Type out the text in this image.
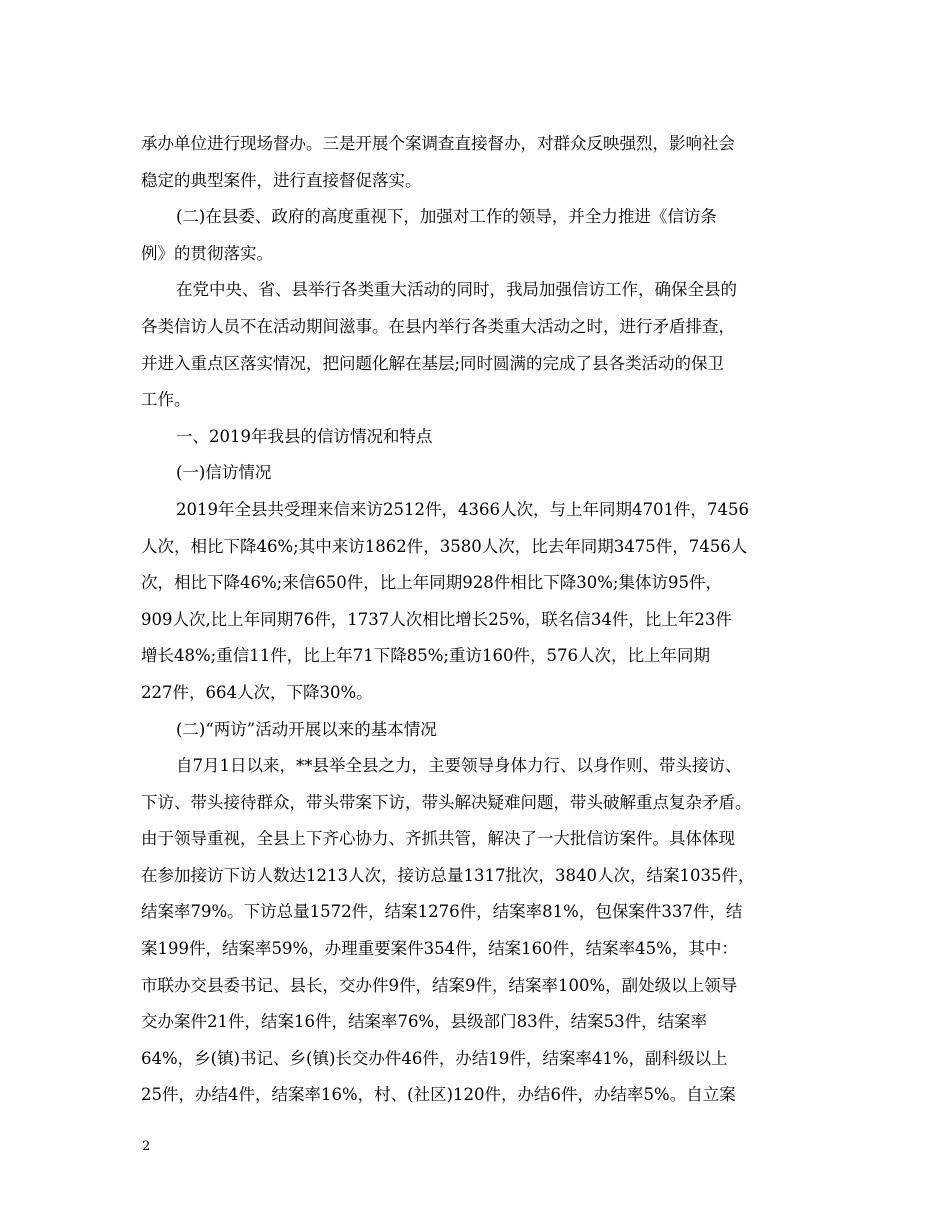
承办单位进行现场督办。三是开展个案调查直接督办，对群众反映强烈，影响社会
稳定的典型案件，进行直接督促落实。
(二)在县委、政府的高度重视下，加强对工作的领导，并全力推进《信访条
例》的贯彻落实。
在党中央、省、县举行各类重大活动的同时，我局加强信访工作，确保全县的
各类信访人员不在活动期间滋事。在县内举行各类重大活动之时，进行矛盾排查，
并进入重点区落实情况，把问题化解在基层;同时圆满的完成了县各类活动的保卫
工作。
一、2019年我县的信访情况和特点
(一)信访情况
2019年全县共受理来信来访2512件，4366人次，与上年同期4701件，7456
人次，相比下降46%;其中来访1862件，3580人次，比去年同期3475件，7456人
次，相比下降46%;来信650件，比上年同期928件相比下降30%;集体访95件，
909人次,比上年同期76件，1737人次相比增长25%，联名信34件，比上年23件
增长48%;重信11件，比上年71下降85%;重访160件，576人次，比上年同期
227件，664人次，下降30%。
(二)“两访”活动开展以来的基本情况
自7月1日以来，**县举全县之力，主要领导身体力行、以身作则、带头接访、
下访、带头接待群众，带头带案下访，带头解决疑难问题，带头破解重点复杂矛盾。
由于领导重视，全县上下齐心协力、齐抓共管，解决了一大批信访案件。具体体现
在参加接访下访人数达1213人次，接访总量1317批次，3840人次，结案1035件，
结案率79%。下访总量1572件，结案1276件，结案率81%，包保案件337件，结
案199件，结案率59%，办理重要案件354件，结案160件，结案率45%，其中：
市联办交县委书记、县长，交办件9件，结案9件，结案率100%，副处级以上领导
交办案件21件，结案16件，结案率76%，县级部门83件，结案53件，结案率
64%，乡(镇)书记、乡(镇)长交办件46件，办结19件，结案率41%，副科级以上
25件，办结4件，结案率16%，村、(社区)120件，办结6件，办结率5%。自立案
2
